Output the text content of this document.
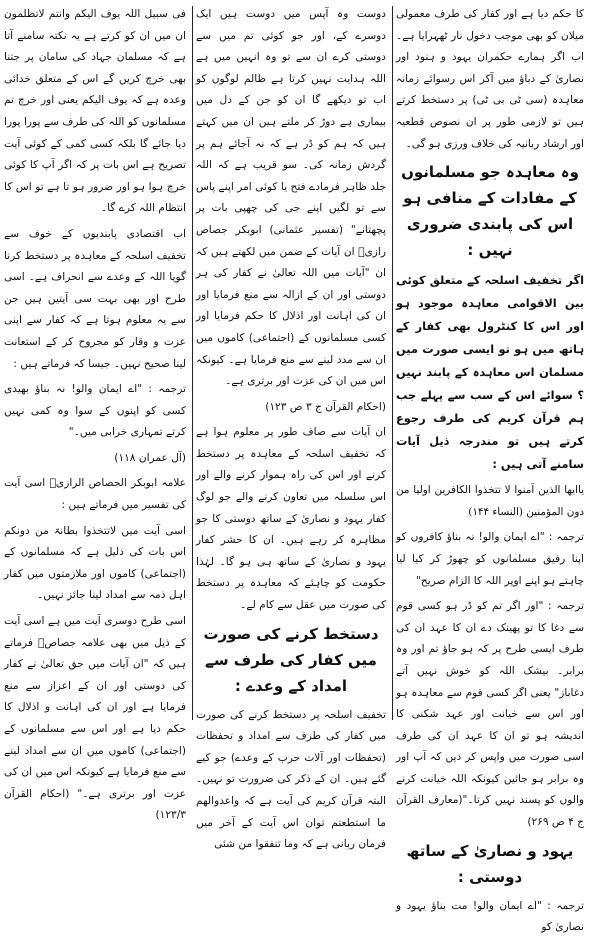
کا حکم دیا ہے اور کفار کی طرف معمولی میلان کو بھی موجب دخول نار ٹھہرایا ہے۔ اب اگر ہمارے حکمران یہود و ہنود اور نصاریٰ کے دباؤ میں آکر اس رسوائے زمانہ معاہدہ (سی ٹی بی ٹی) پر دستخط کرتے ہیں تو لازمی طور پر ان نصوص قطعیہ اور ارشاد ربانیہ کی خلاف ورزی ہو گی۔

وہ معاہدہ جو مسلمانوں کے مفادات کے منافی ہو اس کی پابندی ضروری نہیں :

اگر تخفیف اسلحہ کے متعلق کوئی بین الاقوامی معاہدہ موجود ہو اور اس کا کنٹرول بھی کفار کے ہاتھ میں ہو تو ایسی صورت میں مسلمان اس معاہدہ کے پابند نہیں ؟ سوائے اس کے سب سے پہلے جب ہم قرآن کریم کی طرف رجوع کرتے ہیں تو مندرجہ ذیل آیات سامنے آتی ہیں :

یاایھا الذین آمنوا لا تتخذوا الکافرین اولیا من دون المؤمنین (النساء ۱۴۴)

ترجمہ : "اے ایمان والو! نہ بناؤ کافروں کو اپنا رفیق مسلمانوں کو چھوڑ کر کیا لیا چاہتے ہو اپنے اوپر اللہ کا الزام صریح"

ترجمہ : "اور اگر تم کو ڈر ہو کسی قوم سے دغا کا تو پھینک دے ان کا عہد ان کی طرف ایسی طرح پر کہ ہو جاؤ تم اور وہ برابر۔ بیشک اللہ کو خوش نہیں آتے دغاباز" یعنی اگر کسی قوم سے معاہدہ ہو اور اس سے خیانت اور عہد شکنی کا اندیشہ ہو تو ان کا عہد ان کی طرف اسی صورت میں واپس کر دیں کہ آپ اور وہ برابر ہو جائیں کیونکہ اللہ خیانت کرنے والوں کو پسند نہیں کرتا۔"(معارف القرآن ج ۴ ص ۲۶۹)

یہود و نصاریٰ کے ساتھ دوستی :

ترجمہ : "اے ایمان والو! مت بناؤ یہود و نصاریٰ کو

دوست وہ آپس میں دوست ہیں ایک دوسرے کے، اور جو کوئی تم میں سے دوستی کرے ان سے تو وہ انہیں میں ہے اللہ ہدایت نہیں کرتا ہے ظالم لوگوں کو اب تو دیکھے گا ان کو جن کے دل میں بیماری ہے دوڑ کر ملتے ہیں ان میں کہتے ہیں کہ ہم کو ڈر ہے کہ نہ آجائے ہم پر گردش زمانہ کی۔ سو قریب ہے کہ اللہ جلد ظاہر فرمادے فتح یا کوئی امر اپنے پاس سے تو لگیں اپنے جی کی چھپی بات پر پچھتانے" (تفسیر عثمانی) ابوبکر جصاص رازیؒ ان آیات کے ضمن میں لکھتے ہیں کہ ان "آیات میں اللہ تعالیٰ نے کفار کی ہر دوستی اور ان کے ازالہ سے منع فرمایا اور ان کی اہانت اور اذلال کا حکم فرمایا اور کسی مسلمانوں کے (اجتماعی) کاموں میں ان سے مدد لینے سے منع فرمایا ہے۔ کیونکہ اس میں ان کی عزت اور برتری ہے۔

(احکام القرآن ج ۳ ص ۱۲۳)

ان آیات سے صاف طور پر معلوم ہوا ہے کہ تخفیف اسلحہ کے معاہدہ پر دستخط کرنے اور اس کی راہ ہموار کرنے والے اور اس سلسلہ میں تعاون کرنے والے جو لوگ کفار یہود و نصاریٰ کے ساتھ دوستی کا جو مظاہرہ کر رہے ہیں۔ ان کا حشر کفار یہود و نصاریٰ کے ساتھ ہی ہو گا۔ لہٰذا حکومت کو چاہئے کہ معاہدہ پر دستخط کی صورت میں عقل سے کام لے۔

دستخط کرنے کی صورت میں کفار کی طرف سے امداد کے وعدے :

تخفیف اسلحہ پر دستخط کرنے کی صورت میں کفار کی طرف سے امداد و تحفظات (تحفظات اور آلات حرب کے وعدے) جو کیے گئے ہیں۔ ان کے ذکر کی ضرورت تو نہیں۔ البتہ قرآن کریم کی آیت ہے کہ واعدوالھم ما استطعتم توان اس آیت کے آخر میں فرمان ربانی ہے کہ وما تنفقوا من شئی

فی سبیل اللہ یوف الیکم وانتم لاتظلمون ان میں ان کو کرتے ہے یہ نکتہ سامنے آتا ہے کہ مسلمان جہاد کی سامان پر جتنا بھی خرچ کریں گے اس کے متعلق خدائی وعدہ ہے کہ یوف الیکم یعنی اور خرچ تم مسلمانوں کو اللہ کی طرف سے پورا پورا دیا جائے گا بلکہ کسی کمی کے کوئی آیت تصریح ہے اس بات پر کہ اگر آپ کا کوئی خرچ ہوا ہو اور ضرور ہو تا ہے تو اس کا انتظام اللہ کرے گا۔

اب اقتصادی پابندیوں کے خوف سے تخفیف اسلحہ کے معاہدہ پر دستخط کرنا گویا اللہ کے وعدے سے انحراف ہے۔ اسی طرح اور بھی بہت سی آیتیں ہیں جن سے یہ معلوم ہوتا ہے کہ کفار سے اپنی عزت و وقار کو مجروح کر کے استعانت لینا صحیح نہیں۔ جیسا کہ فرماتے ہیں :

ترجمہ : "اے ایمان والو! نہ بناؤ بھیدی کسی کو اپنوں کے سوا وہ کمی نہیں کرتے تمہاری خرابی میں۔"

(آل عمران ۱۱۸)

علامہ ابوبکر الجصاص الرازیؒ اسی آیت کی تفسیر میں فرماتے ہیں :

اسی آیت میں لاتتخذوا بطانۃ من دونکم اس بات کی دلیل ہے کہ مسلمانوں کے (اجتماعی) کاموں اور ملازمتوں میں کفار اہل ذمہ سے امداد لینا جائز نہیں۔

اسی طرح دوسری آیت میں ہے اسی آیت کے ذیل میں بھی علامہ جصاصؒ فرماتے ہیں کہ "ان آیات میں حق تعالیٰ نے کفار کی دوستی اور ان کے اعزاز سے منع فرمایا ہے اور ان کی اہانت و اذلال کا حکم دیا ہے اور اس سے مسلمانوں کے (اجتماعی) کاموں میں ان سے امداد لینے سے منع فرمایا ہے کیونکہ اس میں ان کی عزت اور برتری ہے۔" (احکام القرآن ۱۲۳/۳)
